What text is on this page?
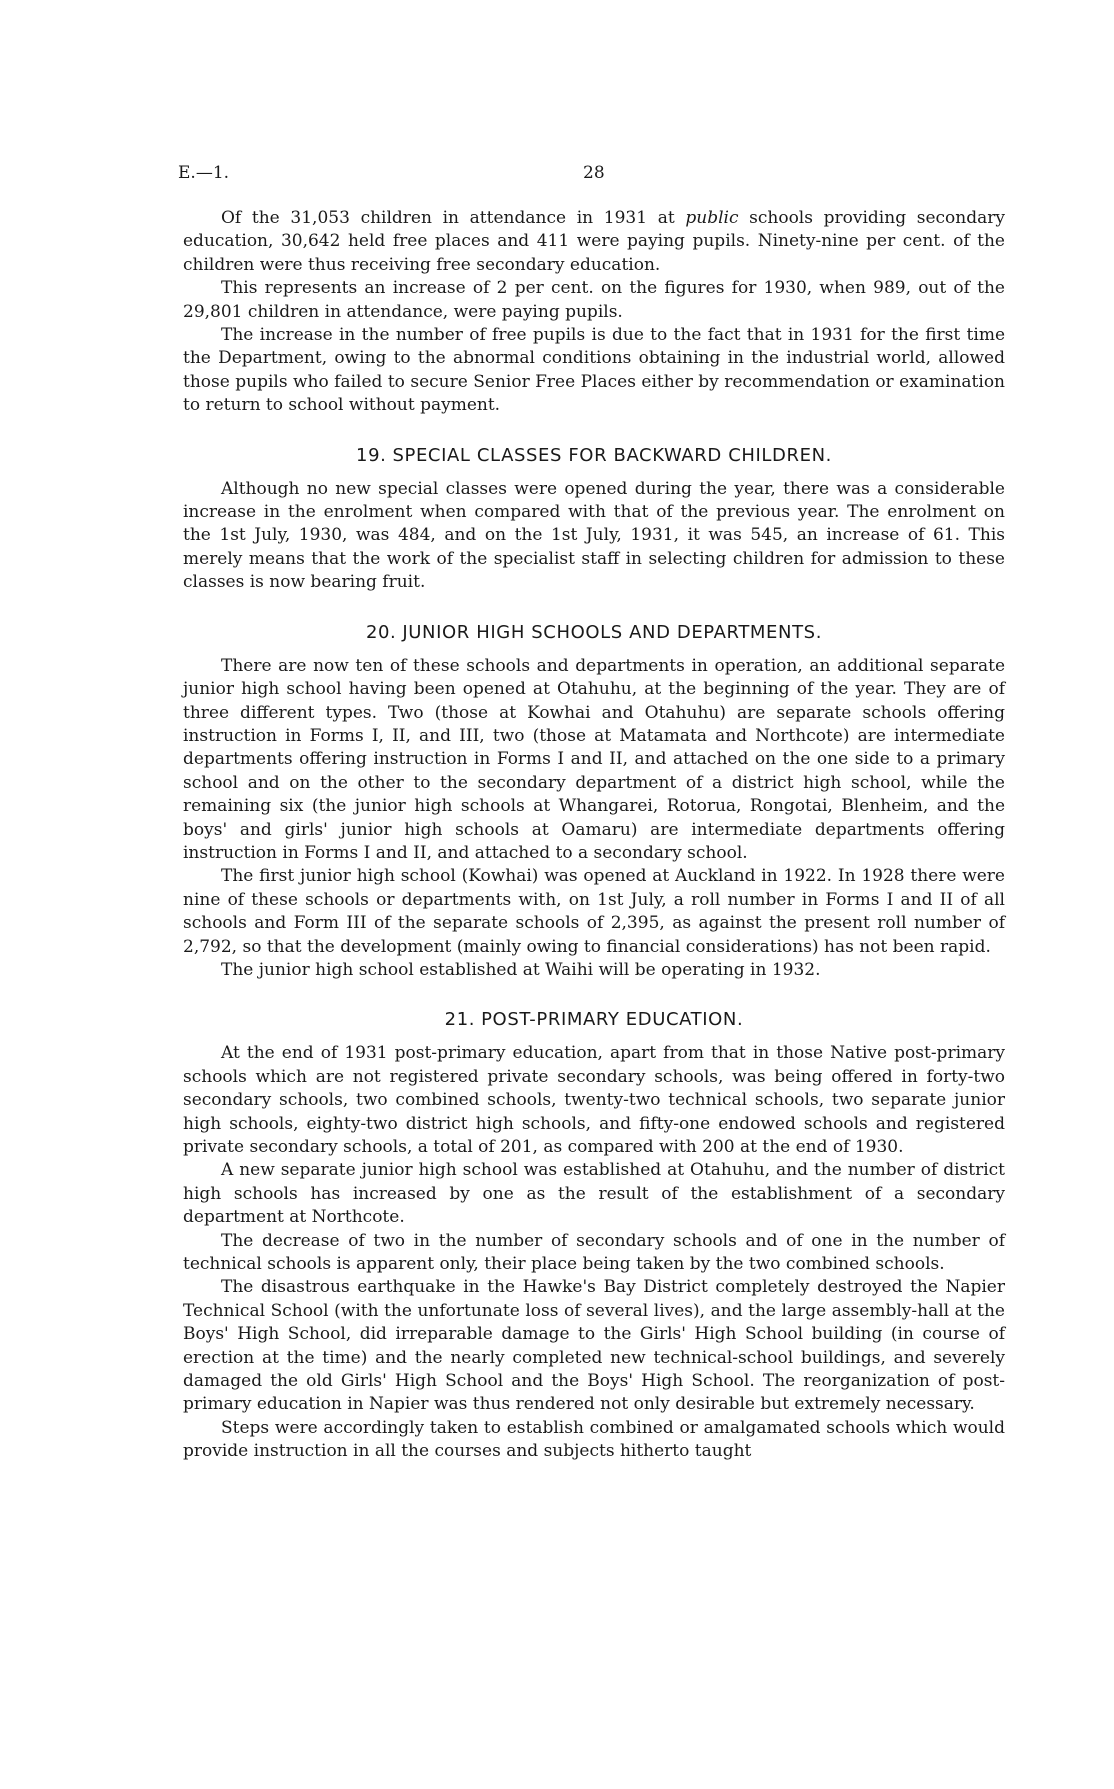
E.—1.	28

Of the 31,053 children in attendance in 1931 at public schools providing secondary education, 30,642 held free places and 411 were paying pupils. Ninety-nine per cent. of the children were thus receiving free secondary education.

This represents an increase of 2 per cent. on the figures for 1930, when 989, out of the 29,801 children in attendance, were paying pupils.

The increase in the number of free pupils is due to the fact that in 1931 for the first time the Department, owing to the abnormal conditions obtaining in the industrial world, allowed those pupils who failed to secure Senior Free Places either by recommendation or examination to return to school without payment.

19. SPECIAL CLASSES FOR BACKWARD CHILDREN.

Although no new special classes were opened during the year, there was a considerable increase in the enrolment when compared with that of the previous year. The enrolment on the 1st July, 1930, was 484, and on the 1st July, 1931, it was 545, an increase of 61. This merely means that the work of the specialist staff in selecting children for admission to these classes is now bearing fruit.

20. JUNIOR HIGH SCHOOLS AND DEPARTMENTS.

There are now ten of these schools and departments in operation, an additional separate junior high school having been opened at Otahuhu, at the beginning of the year. They are of three different types. Two (those at Kowhai and Otahuhu) are separate schools offering instruction in Forms I, II, and III, two (those at Matamata and Northcote) are intermediate departments offering instruction in Forms I and II, and attached on the one side to a primary school and on the other to the secondary department of a district high school, while the remaining six (the junior high schools at Whangarei, Rotorua, Rongotai, Blenheim, and the boys' and girls' junior high schools at Oamaru) are intermediate departments offering instruction in Forms I and II, and attached to a secondary school.

The first junior high school (Kowhai) was opened at Auckland in 1922. In 1928 there were nine of these schools or departments with, on 1st July, a roll number in Forms I and II of all schools and Form III of the separate schools of 2,395, as against the present roll number of 2,792, so that the development (mainly owing to financial considerations) has not been rapid.

The junior high school established at Waihi will be operating in 1932.

21. POST-PRIMARY EDUCATION.

At the end of 1931 post-primary education, apart from that in those Native post-primary schools which are not registered private secondary schools, was being offered in forty-two secondary schools, two combined schools, twenty-two technical schools, two separate junior high schools, eighty-two district high schools, and fifty-one endowed schools and registered private secondary schools, a total of 201, as compared with 200 at the end of 1930.

A new separate junior high school was established at Otahuhu, and the number of district high schools has increased by one as the result of the establishment of a secondary department at Northcote.

The decrease of two in the number of secondary schools and of one in the number of technical schools is apparent only, their place being taken by the two combined schools.

The disastrous earthquake in the Hawke's Bay District completely destroyed the Napier Technical School (with the unfortunate loss of several lives), and the large assembly-hall at the Boys' High School, did irreparable damage to the Girls' High School building (in course of erection at the time) and the nearly completed new technical-school buildings, and severely damaged the old Girls' High School and the Boys' High School. The reorganization of post-primary education in Napier was thus rendered not only desirable but extremely necessary.

Steps were accordingly taken to establish combined or amalgamated schools which would provide instruction in all the courses and subjects hitherto taught
